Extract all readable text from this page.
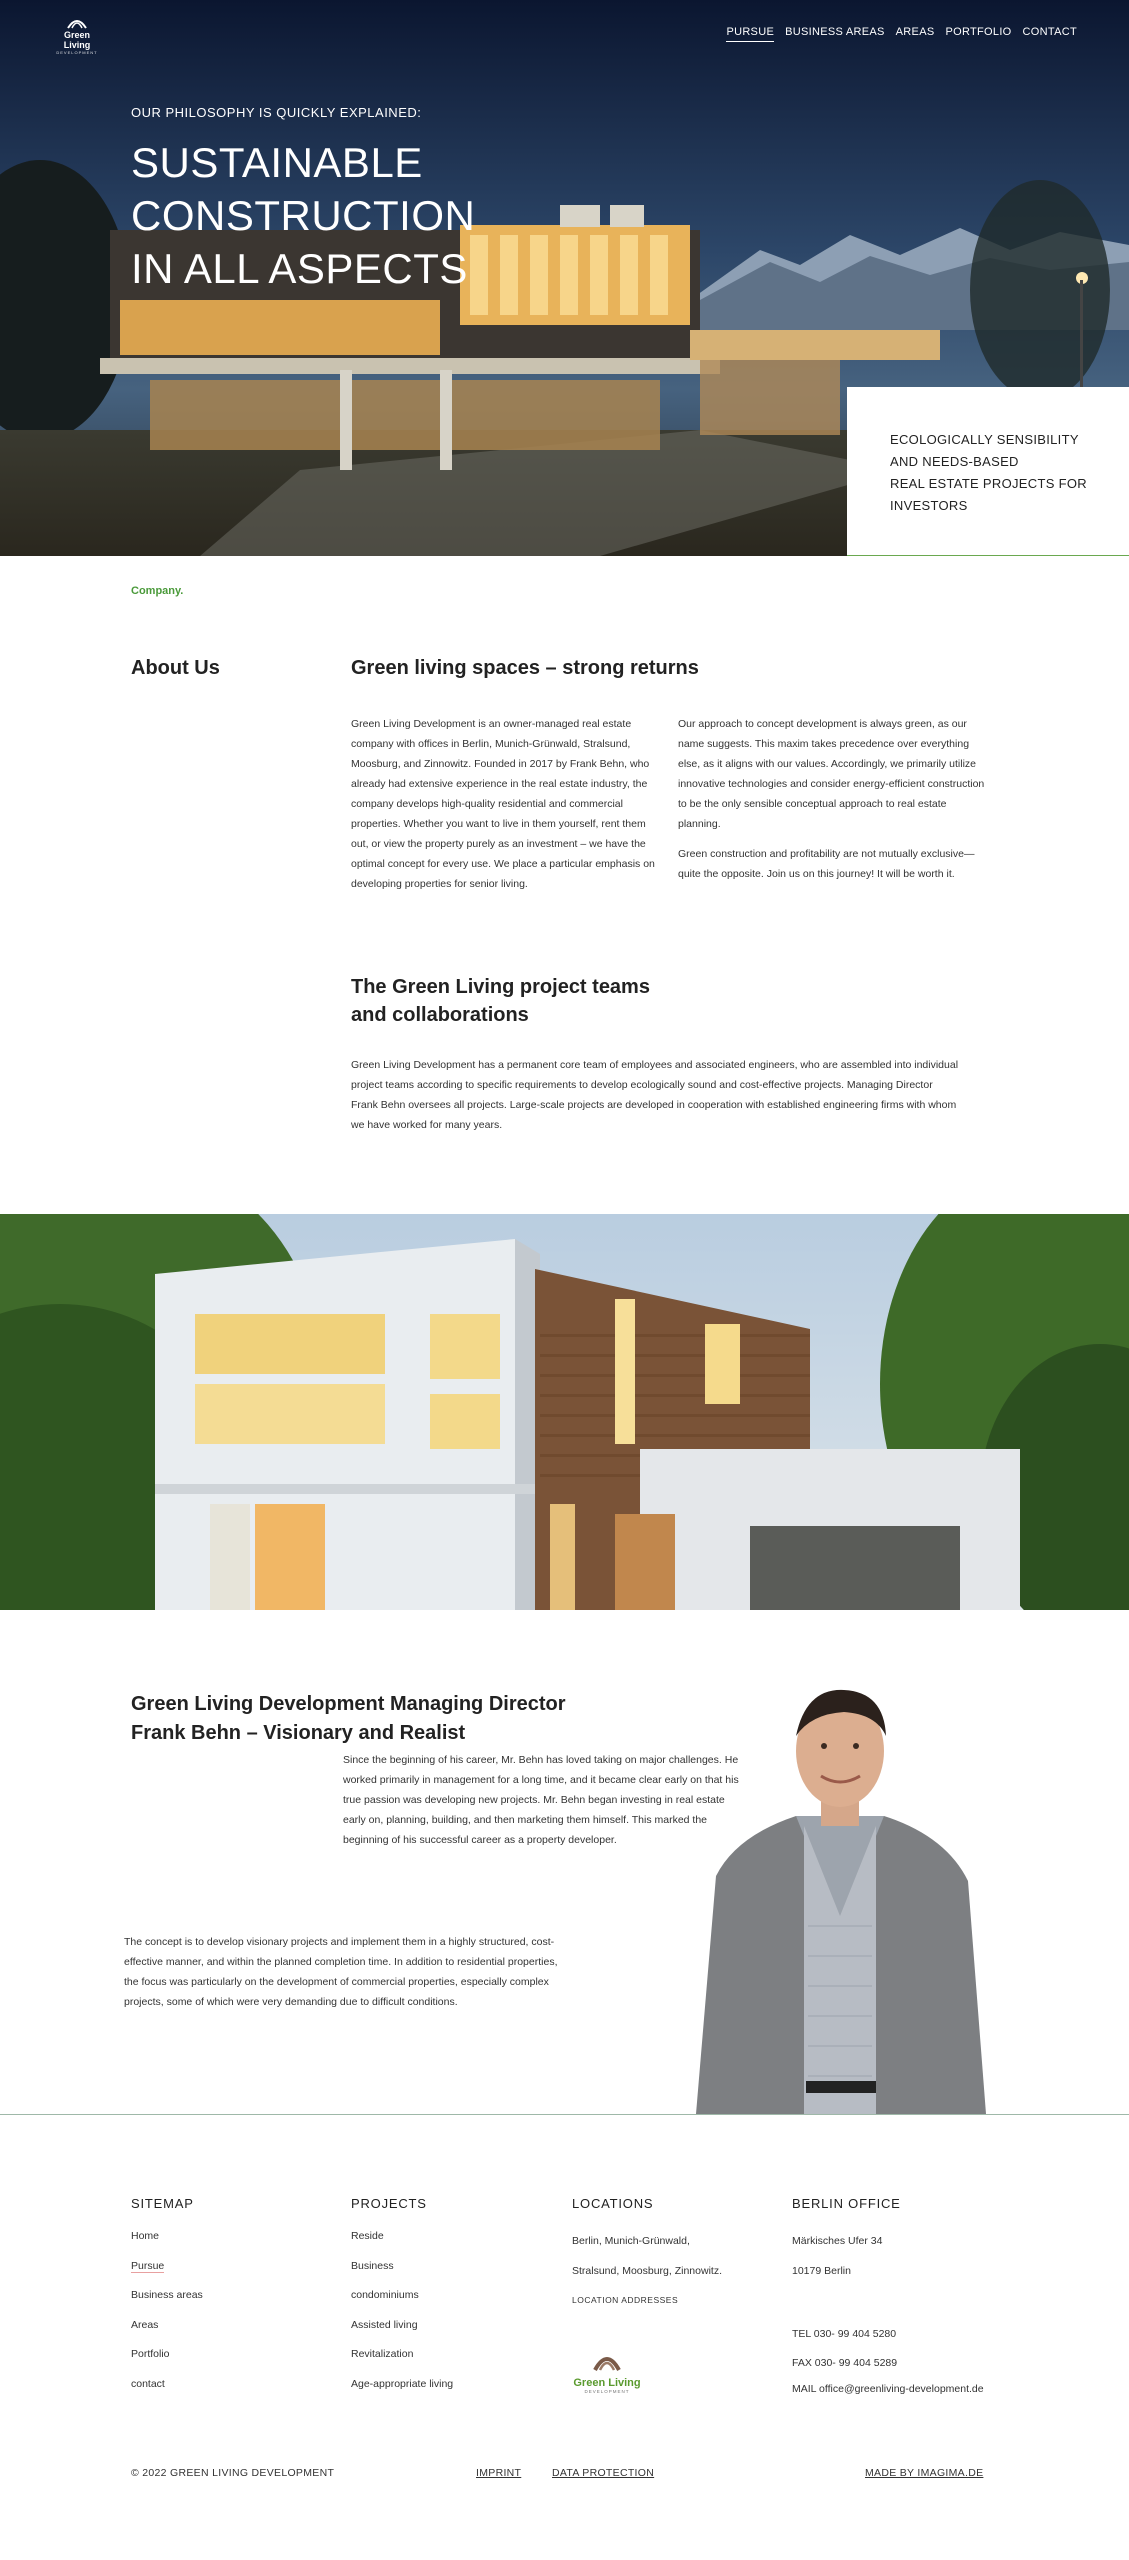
Green Living
DEVELOPMENT
PURSUE BUSINESS AREAS AREAS PORTFOLIO CONTACT
OUR PHILOSOPHY IS QUICKLY EXPLAINED:
SUSTAINABLE
CONSTRUCTION
IN ALL ASPECTS
ECOLOGICALLY SENSIBILITY
AND NEEDS-BASED
REAL ESTATE PROJECTS FOR
INVESTORS
Company.
About Us	Green living spaces – strong returns

Green Living Development is an owner-managed real estate company with offices in Berlin, Munich-Grünwald, Stralsund, Moosburg, and Zinnowitz. Founded in 2017 by Frank Behn, who already had extensive experience in the real estate industry, the company develops high-quality residential and commercial properties. Whether you want to live in them yourself, rent them out, or view the property purely as an investment – we have the optimal concept for every use. We place a particular emphasis on developing properties for senior living.

Our approach to concept development is always green, as our name suggests. This maxim takes precedence over everything else, as it aligns with our values. Accordingly, we primarily utilize innovative technologies and consider energy-efficient construction to be the only sensible conceptual approach to real estate planning.

Green construction and profitability are not mutually exclusive—quite the opposite. Join us on this journey! It will be worth it.

The Green Living project teams
and collaborations

Green Living Development has a permanent core team of employees and associated engineers, who are assembled into individual project teams according to specific requirements to develop ecologically sound and cost-effective projects. Managing Director Frank Behn oversees all projects. Large-scale projects are developed in cooperation with established engineering firms with whom we have worked for many years.

Green Living Development Managing Director
Frank Behn – Visionary and Realist

Since the beginning of his career, Mr. Behn has loved taking on major challenges. He worked primarily in management for a long time, and it became clear early on that his true passion was developing new projects. Mr. Behn began investing in real estate early on, planning, building, and then marketing them himself. This marked the beginning of his successful career as a property developer.

The concept is to develop visionary projects and implement them in a highly structured, cost-effective manner, and within the planned completion time. In addition to residential properties, the focus was particularly on the development of commercial properties, especially complex projects, some of which were very demanding due to difficult conditions.

SITEMAP
Home
Pursue
Business areas
Areas
Portfolio
contact
PROJECTS
Reside
Business
condominiums
Assisted living
Revitalization
Age-appropriate living
LOCATIONS
Berlin, Munich-Grünwald,
Stralsund, Moosburg, Zinnowitz.
LOCATION ADDRESSES
Green Living
DEVELOPMENT
BERLIN OFFICE
Märkisches Ufer 34
10179 Berlin
TEL 030- 99 404 5280
FAX 030- 99 404 5289
MAIL office@greenliving-development.de
© 2022 GREEN LIVING DEVELOPMENT	IMPRINT	DATA PROTECTION	MADE BY IMAGIMA.DE
